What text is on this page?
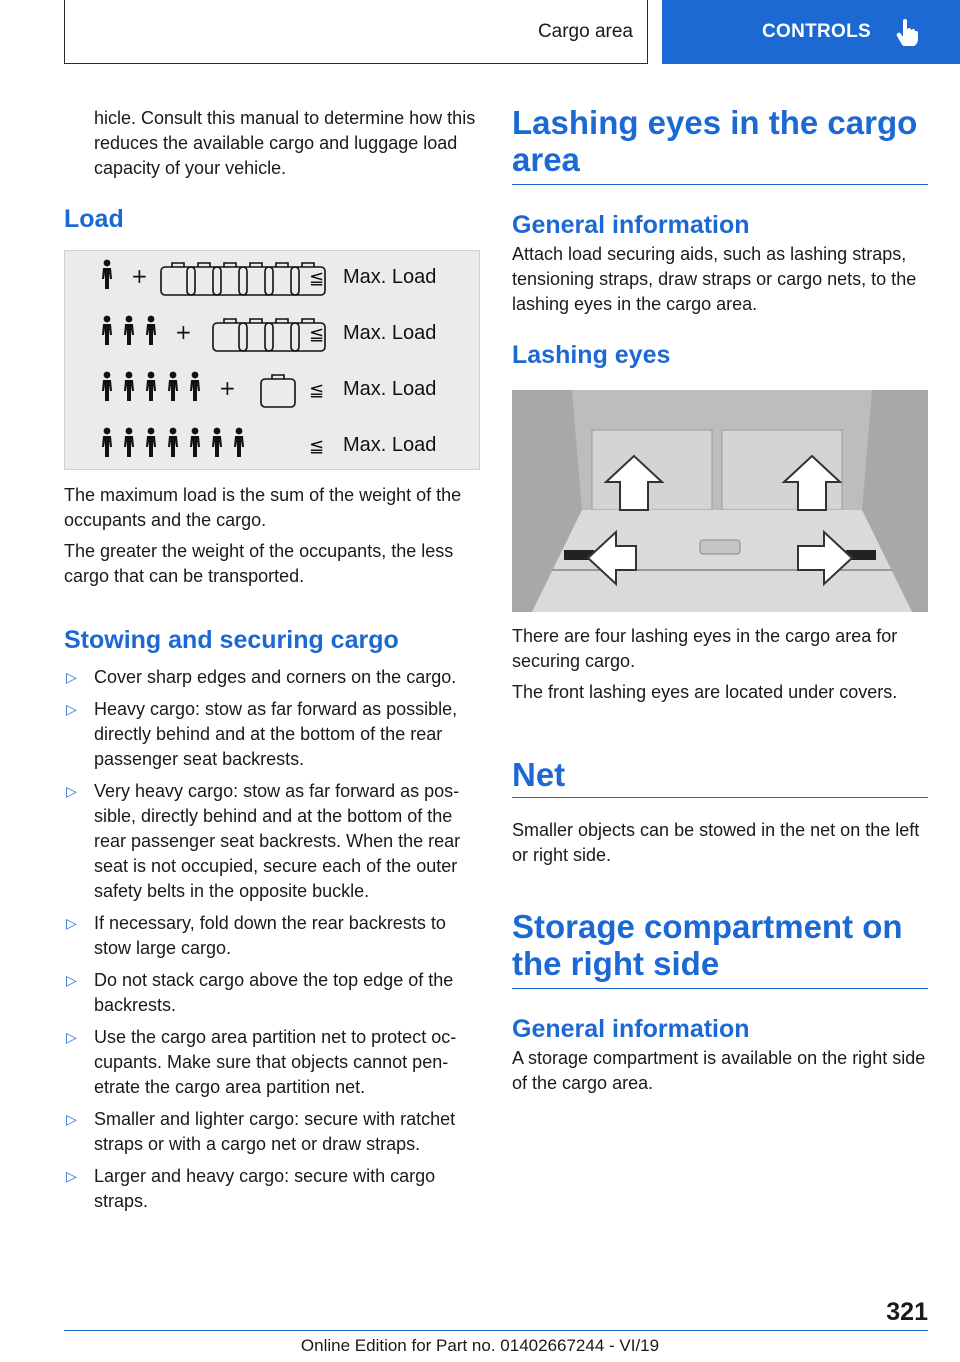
Cargo area	CONTROLS

hicle. Consult this manual to determine how this reduces the available cargo and luggage load capacity of your vehicle.

Load
+	≦ Max. Load
+	≦ Max. Load
+	≦ Max. Load
≦ Max. Load

The maximum load is the sum of the weight of the occupants and the cargo.

The greater the weight of the occupants, the less cargo that can be transported.

Stowing and securing cargo
▷ Cover sharp edges and corners on the cargo.
▷ Heavy cargo: stow as far forward as possible, directly behind and at the bottom of the rear passenger seat backrests.
▷ Very heavy cargo: stow as far forward as possible, directly behind and at the bottom of the rear passenger seat backrests. When the rear seat is not occupied, secure each of the outer safety belts in the opposite buckle.
▷ If necessary, fold down the rear backrests to stow large cargo.
▷ Do not stack cargo above the top edge of the backrests.
▷ Use the cargo area partition net to protect occupants. Make sure that objects cannot penetrate the cargo area partition net.
▷ Smaller and lighter cargo: secure with ratchet straps or with a cargo net or draw straps.
▷ Larger and heavy cargo: secure with cargo straps.
Lashing eyes in the cargo area
General information

Attach load securing aids, such as lashing straps, tensioning straps, draw straps or cargo nets, to the lashing eyes in the cargo area.

Lashing eyes

There are four lashing eyes in the cargo area for securing cargo.

The front lashing eyes are located under covers.

Net

Smaller objects can be stowed in the net on the left or right side.

Storage compartment on the right side
General information

A storage compartment is available on the right side of the cargo area.

321
Online Edition for Part no. 01402667244 - VI/19
